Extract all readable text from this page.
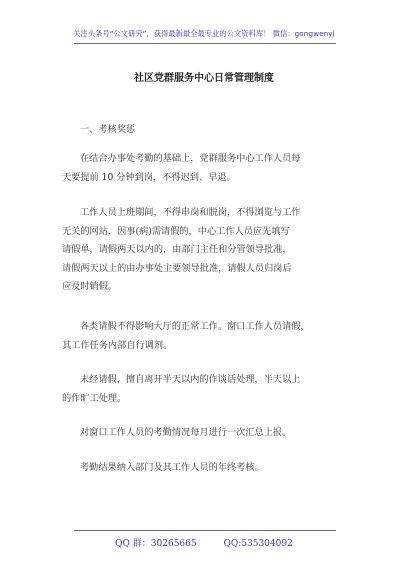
关注头条号“公文研究”，获得最新最全最专业的公文资料库！ 微信：gongwenyj
社区党群服务中心日常管理制度
一、考核奖惩
在结合办事处考勤的基础上，党群服务中心工作人员每
天要提前 10 分钟到岗，不得迟到、早退。
工作人员上班期间，不得串岗和脱岗，不得浏览与工作
无关的网站，因事(病)需请假的，中心工作人员应先填写
请假单，请假两天以内的，由部门主任和分管领导批准，
请假两天以上的由办事处主要领导批准，请假人员归岗后
应及时销假。
各类请假不得影响大厅的正常工作。窗口工作人员请假，
其工作任务内部自行调剂。
未经请假，擅自离开半天以内的作谈话处理，半天以上
的作旷工处理。
对窗口工作人员的考勤情况每月进行一次汇总上报。
考勤结果纳入部门及其工作人员的年终考核。
QQ 群：30265665	QQ:535304092
